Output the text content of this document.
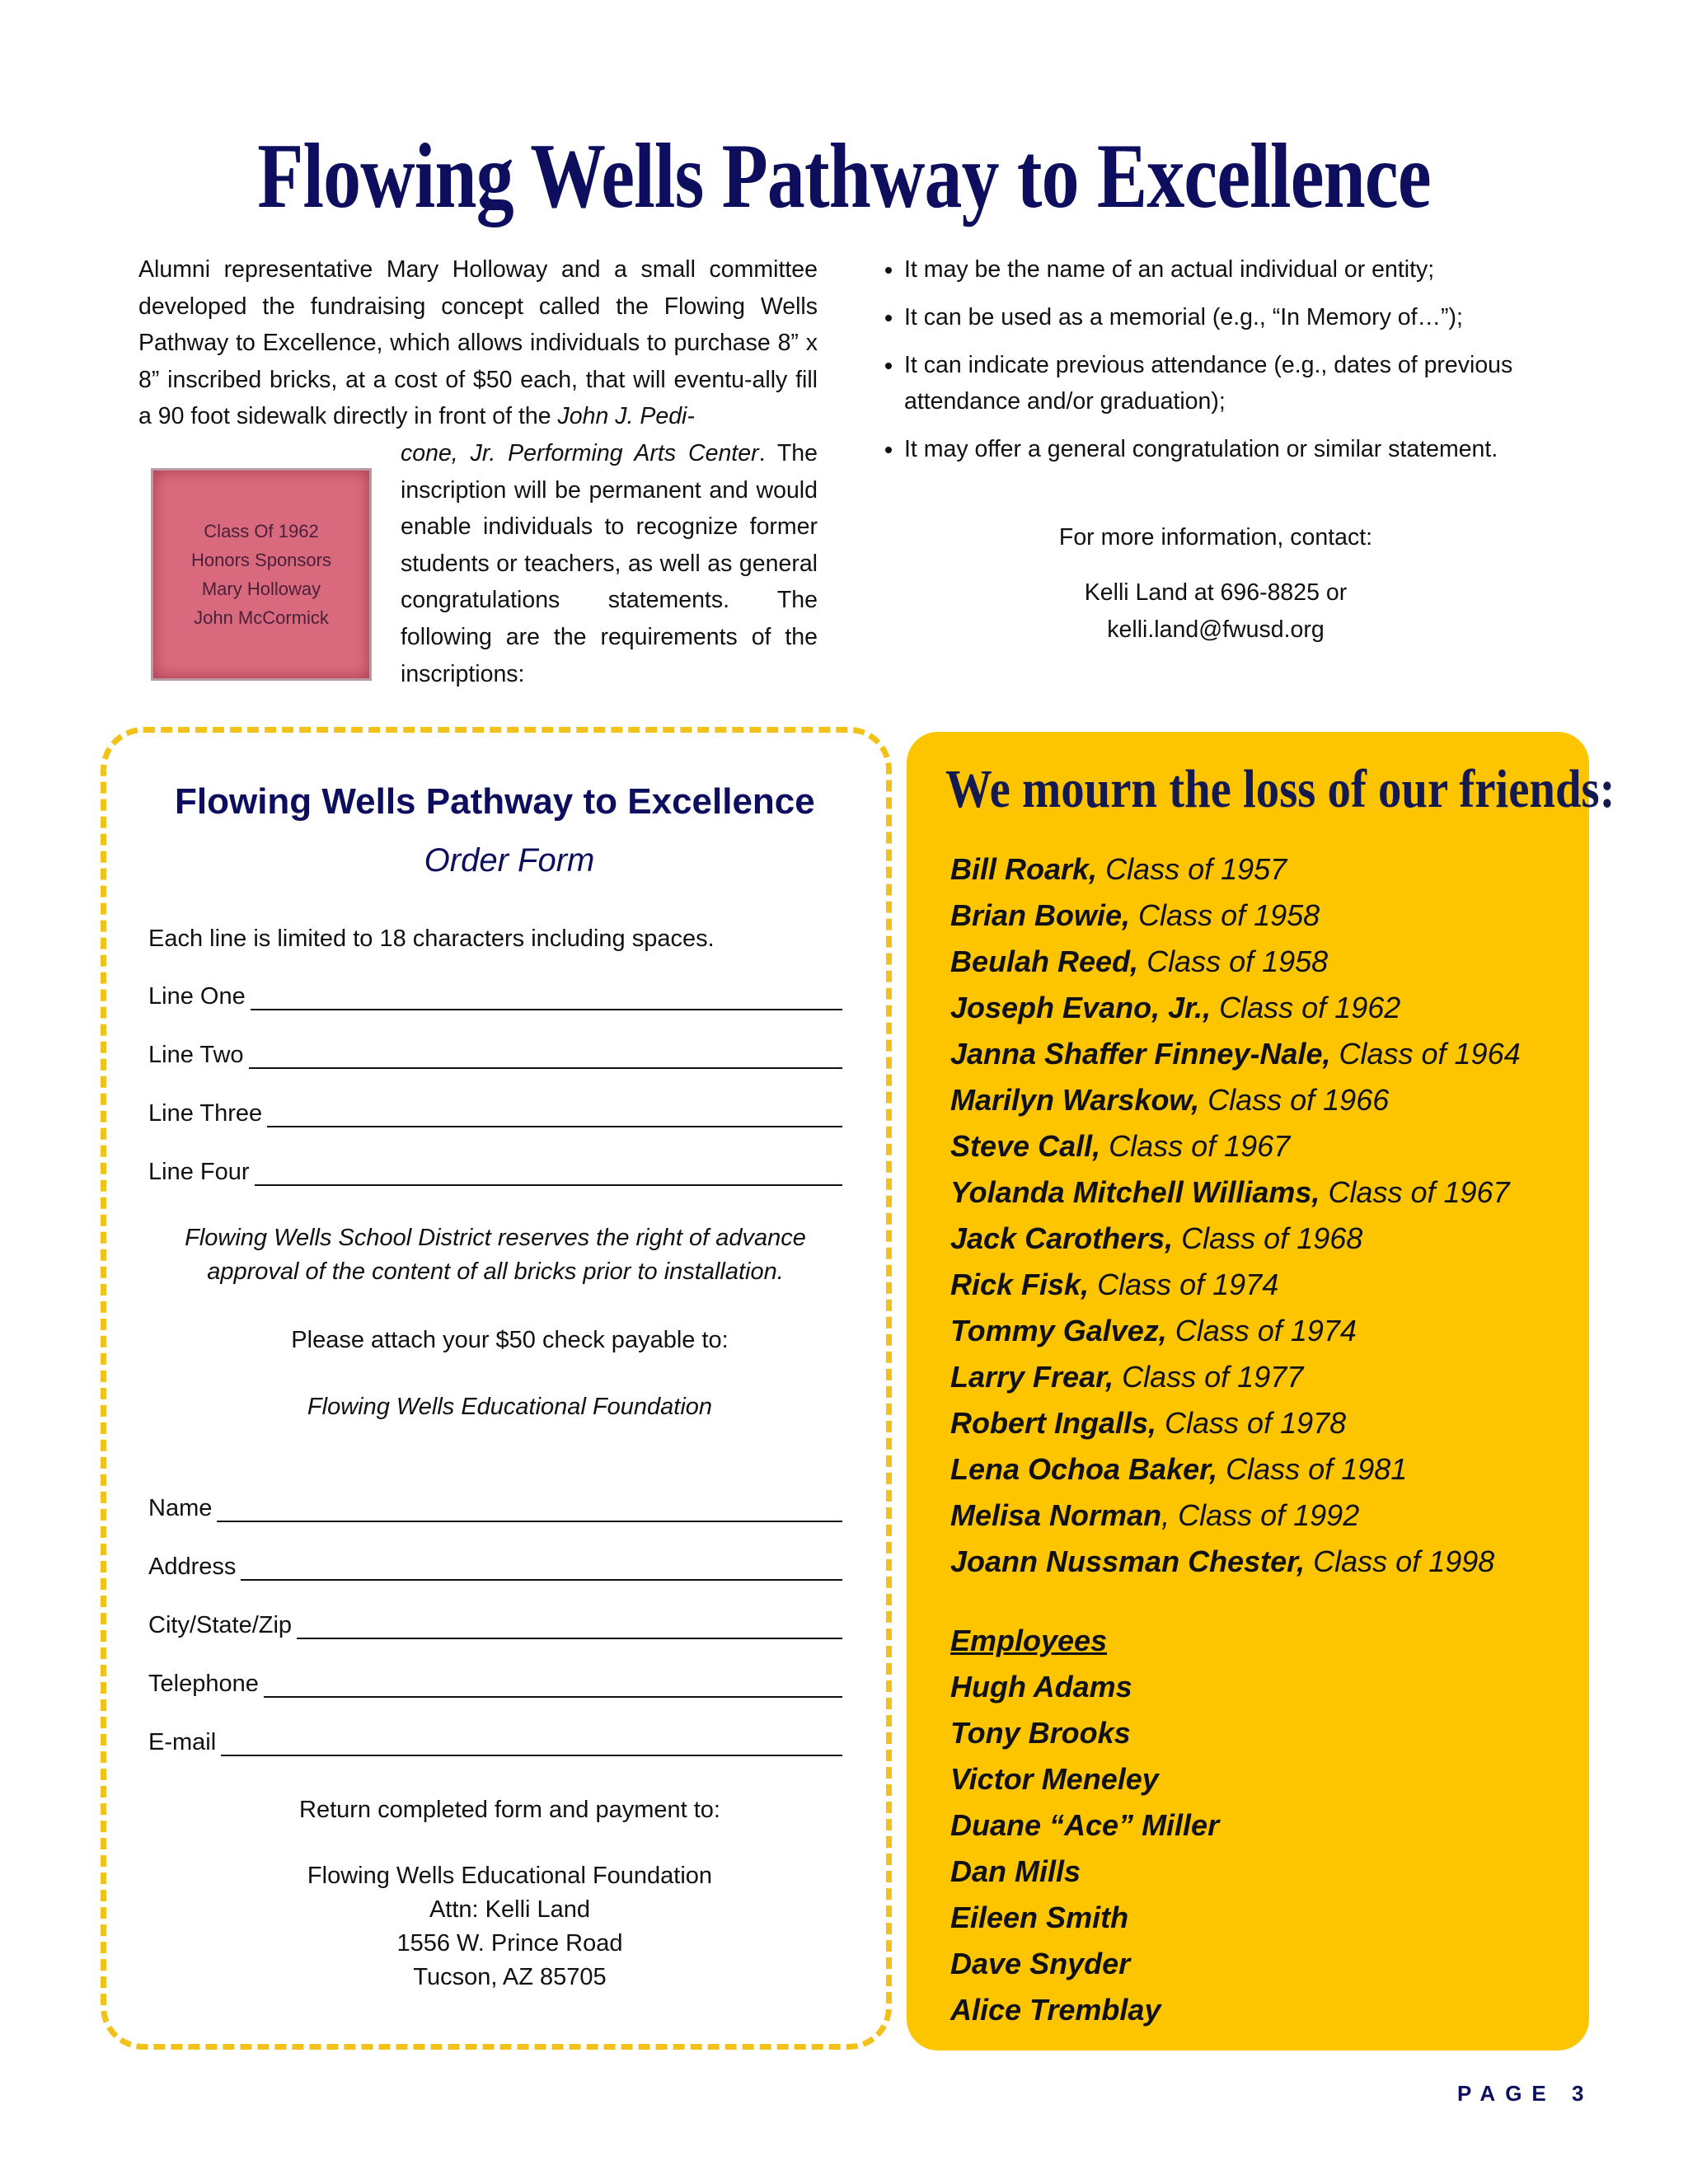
Flowing Wells Pathway to Excellence
Alumni representative Mary Holloway and a small committee developed the fundraising concept called the Flowing Wells Pathway to Excellence, which allows individuals to purchase 8” x 8” inscribed bricks, at a cost of $50 each, that will eventu-ally fill a 90 foot sidewalk directly in front of the John J. Pedi-
cone, Jr. Performing Arts Center. The inscription will be permanent and would enable individuals to recognize former students or teachers, as well as general congratulations statements. The following are the requirements of the inscriptions:
Class Of 1962
Honors Sponsors
Mary Holloway
John McCormick
• It may be the name of an actual individual or entity;
• It can be used as a memorial (e.g., “In Memory of…”);
• It can indicate previous attendance (e.g., dates of previous attendance and/or graduation);
• It may offer a general congratulation or similar statement.
For more information, contact:
Kelli Land at 696-8825 or
kelli.land@fwusd.org
Flowing Wells Pathway to Excellence
Order Form
Each line is limited to 18 characters including spaces.
Line One
Line Two
Line Three
Line Four
Flowing Wells School District reserves the right of advance
approval of the content of all bricks prior to installation.
Please attach your $50 check payable to:
Flowing Wells Educational Foundation
Name
Address
City/State/Zip
Telephone
E-mail
Return completed form and payment to:
Flowing Wells Educational Foundation
Attn: Kelli Land
1556 W. Prince Road
Tucson, AZ 85705
We mourn the loss of our friends:
Bill Roark, Class of 1957
Brian Bowie, Class of 1958
Beulah Reed, Class of 1958
Joseph Evano, Jr., Class of 1962
Janna Shaffer Finney-Nale, Class of 1964
Marilyn Warskow, Class of 1966
Steve Call, Class of 1967
Yolanda Mitchell Williams, Class of 1967
Jack Carothers, Class of 1968
Rick Fisk, Class of 1974
Tommy Galvez, Class of 1974
Larry Frear, Class of 1977
Robert Ingalls, Class of 1978
Lena Ochoa Baker, Class of 1981
Melisa Norman, Class of 1992
Joann Nussman Chester, Class of 1998
Employees
Hugh Adams
Tony Brooks
Victor Meneley
Duane “Ace” Miller
Dan Mills
Eileen Smith
Dave Snyder
Alice Tremblay
PAGE 3
